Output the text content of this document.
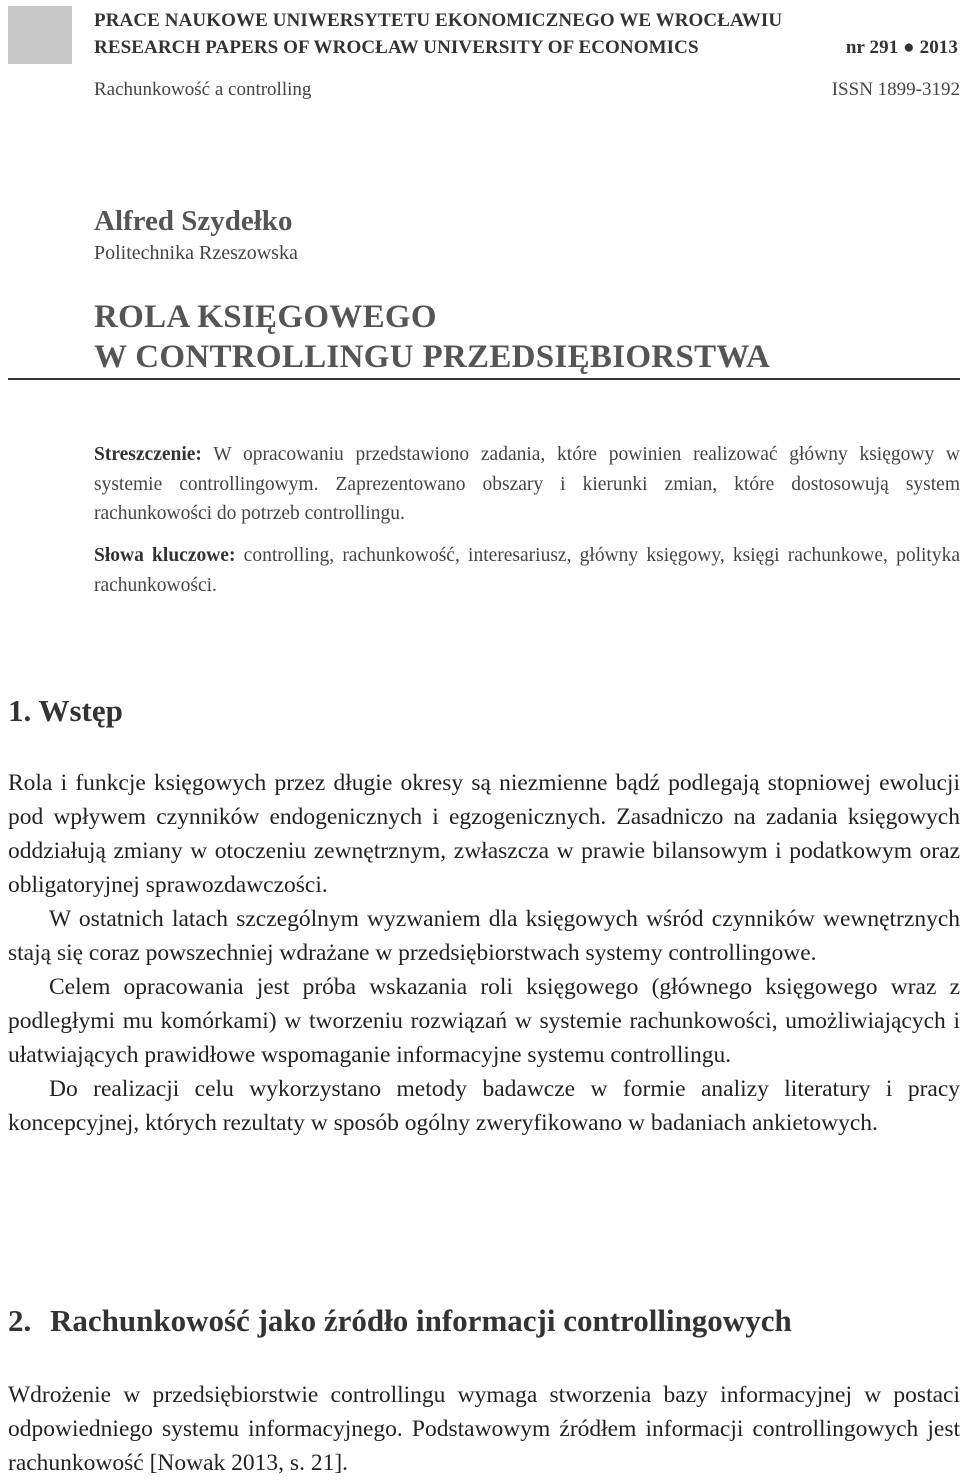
PRACE NAUKOWE UNIWERSYTETU EKONOMICZNEGO WE WROCŁAWIU
RESEARCH PAPERS OF WROCŁAW UNIVERSITY OF ECONOMICS	nr 291 ● 2013
Rachunkowość a controlling	ISSN 1899-3192
Alfred Szydełko
Politechnika Rzeszowska
ROLA KSIĘGOWEGO
W CONTROLLINGU PRZEDSIĘBIORSTWA
Streszczenie: W opracowaniu przedstawiono zadania, które powinien realizować główny księgowy w systemie controllingowym. Zaprezentowano obszary i kierunki zmian, które dostosowują system rachunkowości do potrzeb controllingu.
Słowa kluczowe: controlling, rachunkowość, interesariusz, główny księgowy, księgi rachunkowe, polityka rachunkowości.
1. Wstęp

Rola i funkcje księgowych przez długie okresy są niezmienne bądź podlegają stopniowej ewolucji pod wpływem czynników endogenicznych i egzogenicznych. Zasadniczo na zadania księgowych oddziałują zmiany w otoczeniu zewnętrznym, zwłaszcza w prawie bilansowym i podatkowym oraz obligatoryjnej sprawozdawczości.

W ostatnich latach szczególnym wyzwaniem dla księgowych wśród czynników wewnętrznych stają się coraz powszechniej wdrażane w przedsiębiorstwach systemy controllingowe.

Celem opracowania jest próba wskazania roli księgowego (głównego księgowego wraz z podległymi mu komórkami) w tworzeniu rozwiązań w systemie rachunkowości, umożliwiających i ułatwiających prawidłowe wspomaganie informacyjne systemu controllingu.

Do realizacji celu wykorzystano metody badawcze w formie analizy literatury i pracy koncepcyjnej, których rezultaty w sposób ogólny zweryfikowano w badaniach ankietowych.

2. Rachunkowość jako źródło informacji controllingowych

Wdrożenie w przedsiębiorstwie controllingu wymaga stworzenia bazy informacyjnej w postaci odpowiedniego systemu informacyjnego. Podstawowym źródłem informacji controllingowych jest rachunkowość [Nowak 2013, s. 21].
